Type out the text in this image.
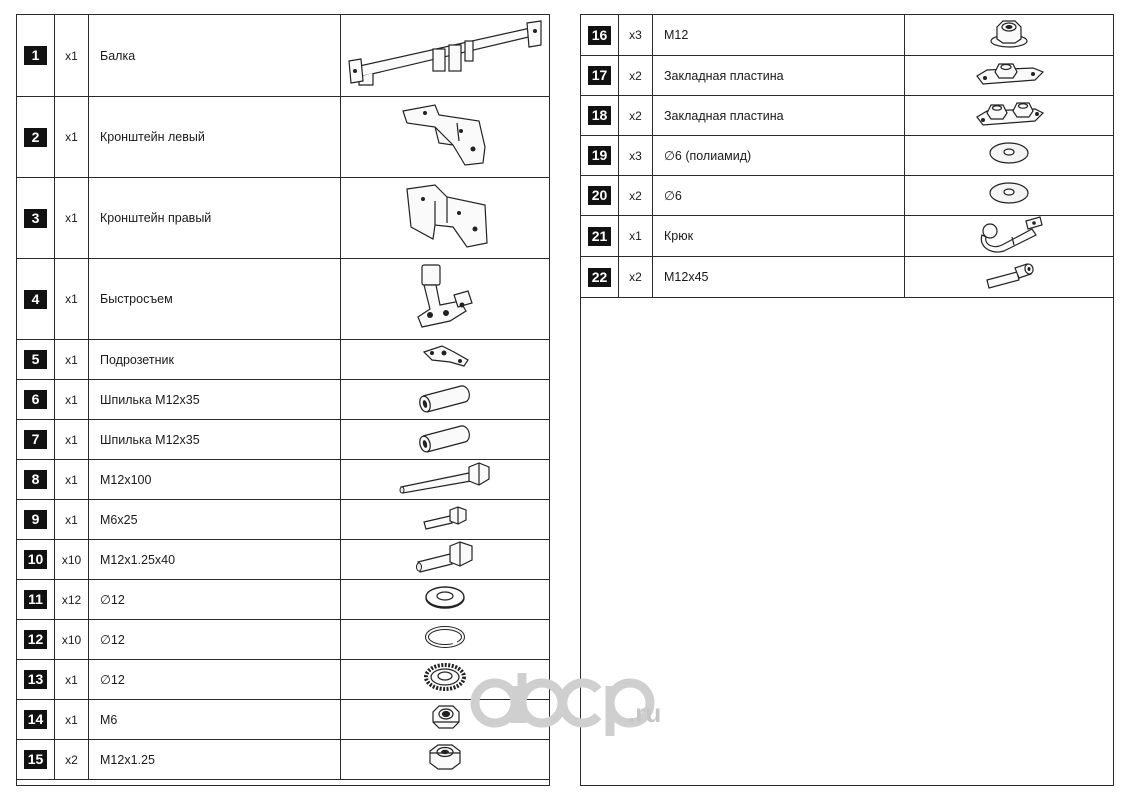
1	x1	Балка
2	x1	Кронштейн левый
3	x1	Кронштейн правый
4	x1	Быстросъем
5	x1	Подрозетник
6	x1	Шпилька М12х35
7	x1	Шпилька М12х35
8	x1	М12х100
9	x1	М6х25
10	x10	М12х1.25х40
11	x12	∅12
12	x10	∅12
13	x1	∅12
14	x1	М6
15	x2	М12х1.25
16	x3	М12
17	x2	Закладная пластина
18	x2	Закладная пластина
19	x3	∅6 (полиамид)
20	x2	∅6
21	x1	Крюк
22	x2	М12х45
.ru
